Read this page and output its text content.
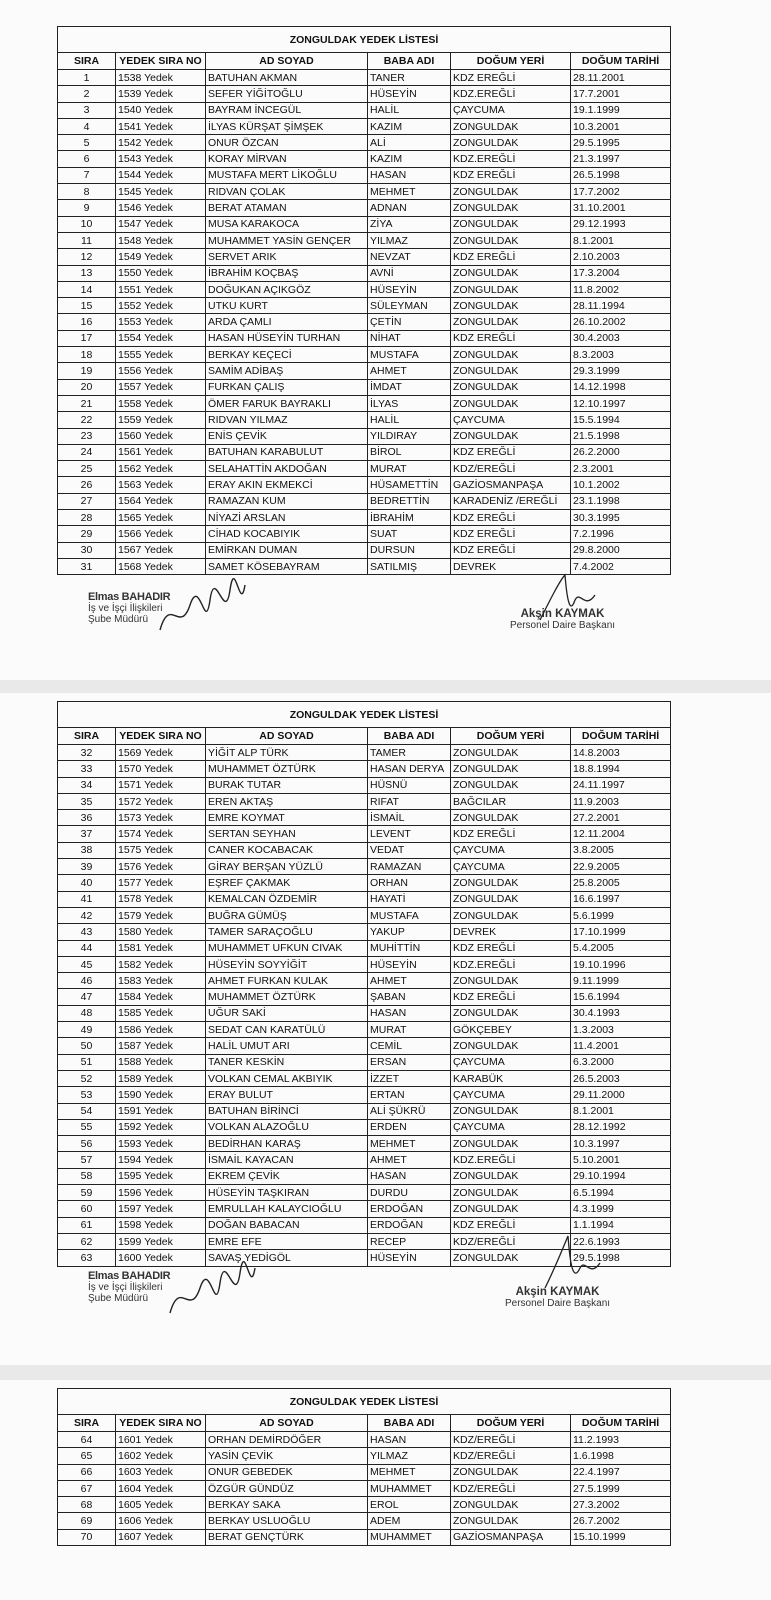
ZONGULDAK YEDEK LİSTESİ					
SIRA	YEDEK SIRA NO	AD SOYAD	BABA ADI	DOĞUM YERİ	DOĞUM TARİHİ
1	1538 Yedek	BATUHAN AKMAN	TANER	KDZ EREĞLİ	28.11.2001
2	1539 Yedek	SEFER YİĞİTOĞLU	HÜSEYİN	KDZ.EREĞLİ	17.7.2001
3	1540 Yedek	BAYRAM İNCEGÜL	HALİL	ÇAYCUMA	19.1.1999
4	1541 Yedek	İLYAS KÜRŞAT ŞİMŞEK	KAZIM	ZONGULDAK	10.3.2001
5	1542 Yedek	ONUR ÖZCAN	ALİ	ZONGULDAK	29.5.1995
6	1543 Yedek	KORAY MİRVAN	KAZIM	KDZ.EREĞLİ	21.3.1997
7	1544 Yedek	MUSTAFA MERT LİKOĞLU	HASAN	KDZ EREĞLİ	26.5.1998
8	1545 Yedek	RIDVAN ÇOLAK	MEHMET	ZONGULDAK	17.7.2002
9	1546 Yedek	BERAT ATAMAN	ADNAN	ZONGULDAK	31.10.2001
10	1547 Yedek	MUSA KARAKOCA	ZİYA	ZONGULDAK	29.12.1993
11	1548 Yedek	MUHAMMET YASİN GENÇER	YILMAZ	ZONGULDAK	8.1.2001
12	1549 Yedek	SERVET ARIK	NEVZAT	KDZ EREĞLİ	2.10.2003
13	1550 Yedek	İBRAHİM KOÇBAŞ	AVNİ	ZONGULDAK	17.3.2004
14	1551 Yedek	DOĞUKAN AÇIKGÖZ	HÜSEYİN	ZONGULDAK	11.8.2002
15	1552 Yedek	UTKU KURT	SÜLEYMAN	ZONGULDAK	28.11.1994
16	1553 Yedek	ARDA ÇAMLI	ÇETİN	ZONGULDAK	26.10.2002
17	1554 Yedek	HASAN HÜSEYİN TURHAN	NİHAT	KDZ EREĞLİ	30.4.2003
18	1555 Yedek	BERKAY KEÇECİ	MUSTAFA	ZONGULDAK	8.3.2003
19	1556 Yedek	SAMİM ADİBAŞ	AHMET	ZONGULDAK	29.3.1999
20	1557 Yedek	FURKAN ÇALIŞ	İMDAT	ZONGULDAK	14.12.1998
21	1558 Yedek	ÖMER FARUK BAYRAKLI	İLYAS	ZONGULDAK	12.10.1997
22	1559 Yedek	RIDVAN YILMAZ	HALİL	ÇAYCUMA	15.5.1994
23	1560 Yedek	ENİS ÇEVİK	YILDIRAY	ZONGULDAK	21.5.1998
24	1561 Yedek	BATUHAN KARABULUT	BİROL	KDZ EREĞLİ	26.2.2000
25	1562 Yedek	SELAHATTİN AKDOĞAN	MURAT	KDZ/EREĞLİ	2.3.2001
26	1563 Yedek	ERAY AKIN EKMEKCİ	HÜSAMETTİN	GAZİOSMANPAŞA	10.1.2002
27	1564 Yedek	RAMAZAN KUM	BEDRETTİN	KARADENİZ /EREĞLİ	23.1.1998
28	1565 Yedek	NİYAZİ ARSLAN	İBRAHİM	KDZ EREĞLİ	30.3.1995
29	1566 Yedek	CİHAD KOCABIYIK	SUAT	KDZ EREĞLİ	7.2.1996
30	1567 Yedek	EMİRKAN DUMAN	DURSUN	KDZ EREĞLİ	29.8.2000
31	1568 Yedek	SAMET KÖSEBAYRAM	SATILMIŞ	DEVREK	7.4.2002
Elmas BAHADIR
İş ve İşçi İlişkileri
Şube Müdürü	Akşin KAYMAK
Personel Daire Başkanı
ZONGULDAK YEDEK LİSTESİ					
SIRA	YEDEK SIRA NO	AD SOYAD	BABA ADI	DOĞUM YERİ	DOĞUM TARİHİ
32	1569 Yedek	YİĞİT ALP TÜRK	TAMER	ZONGULDAK	14.8.2003
33	1570 Yedek	MUHAMMET ÖZTÜRK	HASAN DERYA	ZONGULDAK	18.8.1994
34	1571 Yedek	BURAK TUTAR	HÜSNÜ	ZONGULDAK	24.11.1997
35	1572 Yedek	EREN AKTAŞ	RIFAT	BAĞCILAR	11.9.2003
36	1573 Yedek	EMRE KOYMAT	İSMAİL	ZONGULDAK	27.2.2001
37	1574 Yedek	SERTAN SEYHAN	LEVENT	KDZ EREĞLİ	12.11.2004
38	1575 Yedek	CANER KOCABACAK	VEDAT	ÇAYCUMA	3.8.2005
39	1576 Yedek	GİRAY BERŞAN YÜZLÜ	RAMAZAN	ÇAYCUMA	22.9.2005
40	1577 Yedek	EŞREF ÇAKMAK	ORHAN	ZONGULDAK	25.8.2005
41	1578 Yedek	KEMALCAN ÖZDEMİR	HAYATİ	ZONGULDAK	16.6.1997
42	1579 Yedek	BUĞRA GÜMÜŞ	MUSTAFA	ZONGULDAK	5.6.1999
43	1580 Yedek	TAMER SARAÇOĞLU	YAKUP	DEVREK	17.10.1999
44	1581 Yedek	MUHAMMET UFKUN CIVAK	MUHİTTİN	KDZ EREĞLİ	5.4.2005
45	1582 Yedek	HÜSEYİN SOYYİĞİT	HÜSEYİN	KDZ.EREĞLİ	19.10.1996
46	1583 Yedek	AHMET FURKAN KULAK	AHMET	ZONGULDAK	9.11.1999
47	1584 Yedek	MUHAMMET ÖZTÜRK	ŞABAN	KDZ EREĞLİ	15.6.1994
48	1585 Yedek	UĞUR SAKİ	HASAN	ZONGULDAK	30.4.1993
49	1586 Yedek	SEDAT CAN KARATÜLÜ	MURAT	GÖKÇEBEY	1.3.2003
50	1587 Yedek	HALİL UMUT ARI	CEMİL	ZONGULDAK	11.4.2001
51	1588 Yedek	TANER KESKİN	ERSAN	ÇAYCUMA	6.3.2000
52	1589 Yedek	VOLKAN CEMAL AKBIYIK	İZZET	KARABÜK	26.5.2003
53	1590 Yedek	ERAY BULUT	ERTAN	ÇAYCUMA	29.11.2000
54	1591 Yedek	BATUHAN BİRİNCİ	ALİ ŞÜKRÜ	ZONGULDAK	8.1.2001
55	1592 Yedek	VOLKAN ALAZOĞLU	ERDEN	ÇAYCUMA	28.12.1992
56	1593 Yedek	BEDİRHAN KARAŞ	MEHMET	ZONGULDAK	10.3.1997
57	1594 Yedek	İSMAİL KAYACAN	AHMET	KDZ.EREĞLİ	5.10.2001
58	1595 Yedek	EKREM ÇEVİK	HASAN	ZONGULDAK	29.10.1994
59	1596 Yedek	HÜSEYİN TAŞKIRAN	DURDU	ZONGULDAK	6.5.1994
60	1597 Yedek	EMRULLAH KALAYCIOĞLU	ERDOĞAN	ZONGULDAK	4.3.1999
61	1598 Yedek	DOĞAN BABACAN	ERDOĞAN	KDZ EREĞLİ	1.1.1994
62	1599 Yedek	EMRE EFE	RECEP	KDZ/EREĞLİ	22.6.1993
63	1600 Yedek	SAVAŞ YEDİGÖL	HÜSEYİN	ZONGULDAK	29.5.1998
Elmas BAHADIR
İş ve İşçi İlişkileri
Şube Müdürü
Akşin KAYMAK
Personel Daire Başkanı
ZONGULDAK YEDEK LİSTESİ					
SIRA	YEDEK SIRA NO	AD SOYAD	BABA ADI	DOĞUM YERİ	DOĞUM TARİHİ
64	1601 Yedek	ORHAN DEMİRDÖĞER	HASAN	KDZ/EREĞLİ	11.2.1993
65	1602 Yedek	YASİN ÇEVİK	YILMAZ	KDZ/EREĞLİ	1.6.1998
66	1603 Yedek	ONUR GEBEDEK	MEHMET	ZONGULDAK	22.4.1997
67	1604 Yedek	ÖZGÜR GÜNDÜZ	MUHAMMET	KDZ/EREĞLİ	27.5.1999
68	1605 Yedek	BERKAY SAKA	EROL	ZONGULDAK	27.3.2002
69	1606 Yedek	BERKAY USLUOĞLU	ADEM	ZONGULDAK	26.7.2002
70	1607 Yedek	BERAT GENÇTÜRK	MUHAMMET	GAZİOSMANPAŞA	15.10.1999
